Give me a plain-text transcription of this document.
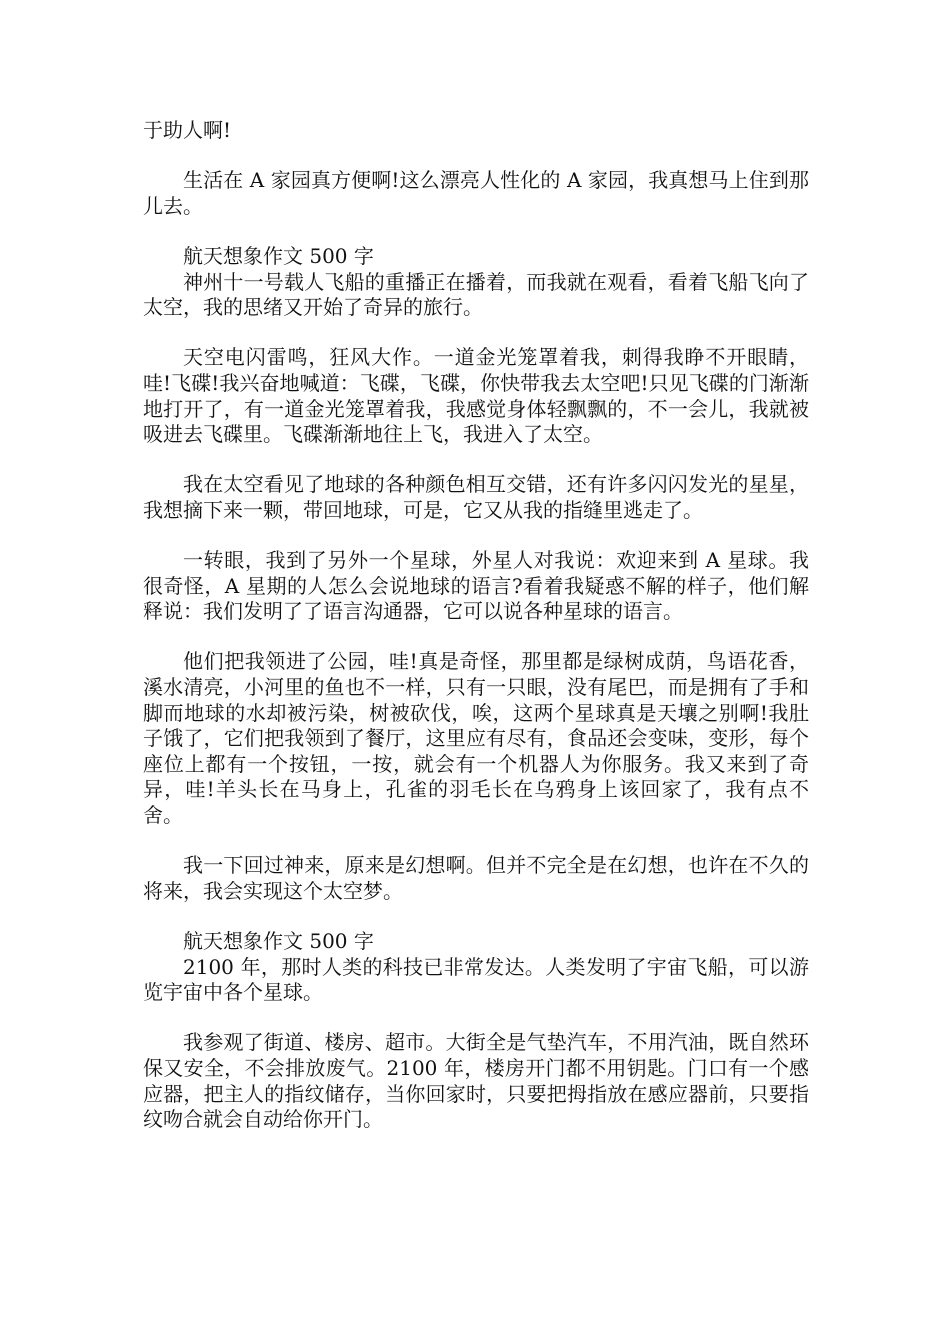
于助人啊!

生活在 A 家园真方便啊!这么漂亮人性化的 A 家园，我真想马上住到那儿去。

航天想象作文 500 字

神州十一号载人飞船的重播正在播着，而我就在观看，看着飞船飞向了太空，我的思绪又开始了奇异的旅行。

天空电闪雷鸣，狂风大作。一道金光笼罩着我，刺得我睁不开眼睛，哇!飞碟!我兴奋地喊道：飞碟，飞碟，你快带我去太空吧!只见飞碟的门渐渐地打开了，有一道金光笼罩着我，我感觉身体轻飘飘的，不一会儿，我就被吸进去飞碟里。飞碟渐渐地往上飞，我进入了太空。

我在太空看见了地球的各种颜色相互交错，还有许多闪闪发光的星星，我想摘下来一颗，带回地球，可是，它又从我的指缝里逃走了。

一转眼，我到了另外一个星球，外星人对我说：欢迎来到 A 星球。我很奇怪，A 星期的人怎么会说地球的语言?看着我疑惑不解的样子，他们解释说：我们发明了了语言沟通器，它可以说各种星球的语言。

他们把我领进了公园，哇!真是奇怪，那里都是绿树成荫，鸟语花香，溪水清亮，小河里的鱼也不一样，只有一只眼，没有尾巴，而是拥有了手和脚而地球的水却被污染，树被砍伐，唉，这两个星球真是天壤之别啊!我肚子饿了，它们把我领到了餐厅，这里应有尽有，食品还会变味，变形，每个座位上都有一个按钮，一按，就会有一个机器人为你服务。我又来到了奇异，哇!羊头长在马身上，孔雀的羽毛长在乌鸦身上该回家了，我有点不舍。

我一下回过神来，原来是幻想啊。但并不完全是在幻想，也许在不久的将来，我会实现这个太空梦。

航天想象作文 500 字

2100 年，那时人类的科技已非常发达。人类发明了宇宙飞船，可以游览宇宙中各个星球。

我参观了街道、楼房、超市。大街全是气垫汽车，不用汽油，既自然环保又安全，不会排放废气。2100 年，楼房开门都不用钥匙。门口有一个感应器，把主人的指纹储存，当你回家时，只要把拇指放在感应器前，只要指纹吻合就会自动给你开门。
